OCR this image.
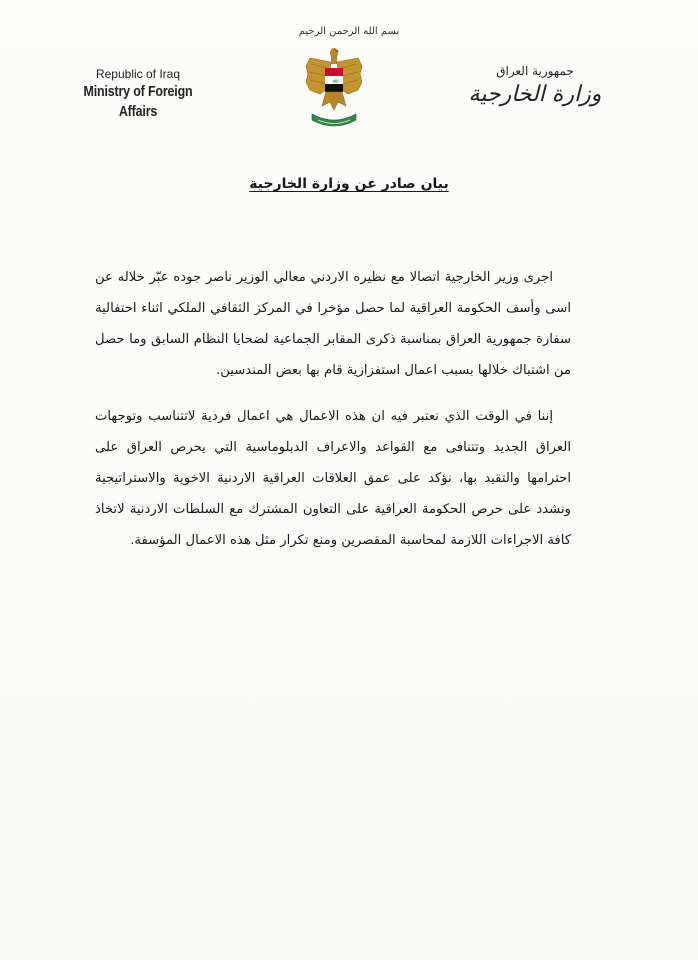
بسم الله الرحمن الرحيم
Republic of Iraq
Ministry of Foreign Affairs
ﷲ
جمهورية العراق
وزارة الخارجية
بيان صادر عن وزارة الخارجية

اجرى وزير الخارجية اتصالا مع نظيره الاردني معالي الوزير ناصر جوده عبّر خلاله عن اسى وأسف الحكومة العراقية لما حصل مؤخرا في المركز الثقافي الملكي اثناء احتفالية سفارة جمهورية العراق بمناسبة ذكرى المقابر الجماعية لضحايا النظام السابق وما حصل من اشتباك خلالها بسبب اعمال استفزازية قام بها بعض المندسين.

إننا في الوقت الذي نعتبر فيه ان هذه الاعمال هي اعمال فردية لاتتناسب وتوجهات العراق الجديد وتتنافى مع القواعد والاعراف الدبلوماسية التي يحرص العراق على احترامها والتقيد بها، نؤكد على عمق العلاقات العراقية الاردنية الاخوية والاستراتيجية ونشدد على حرص الحكومة العراقية على التعاون المشترك مع السلطات الاردنية لاتخاذ كافة الاجراءات اللازمة لمحاسبة المقصرين ومنع تكرار مثل هذه الاعمال المؤسفة.
